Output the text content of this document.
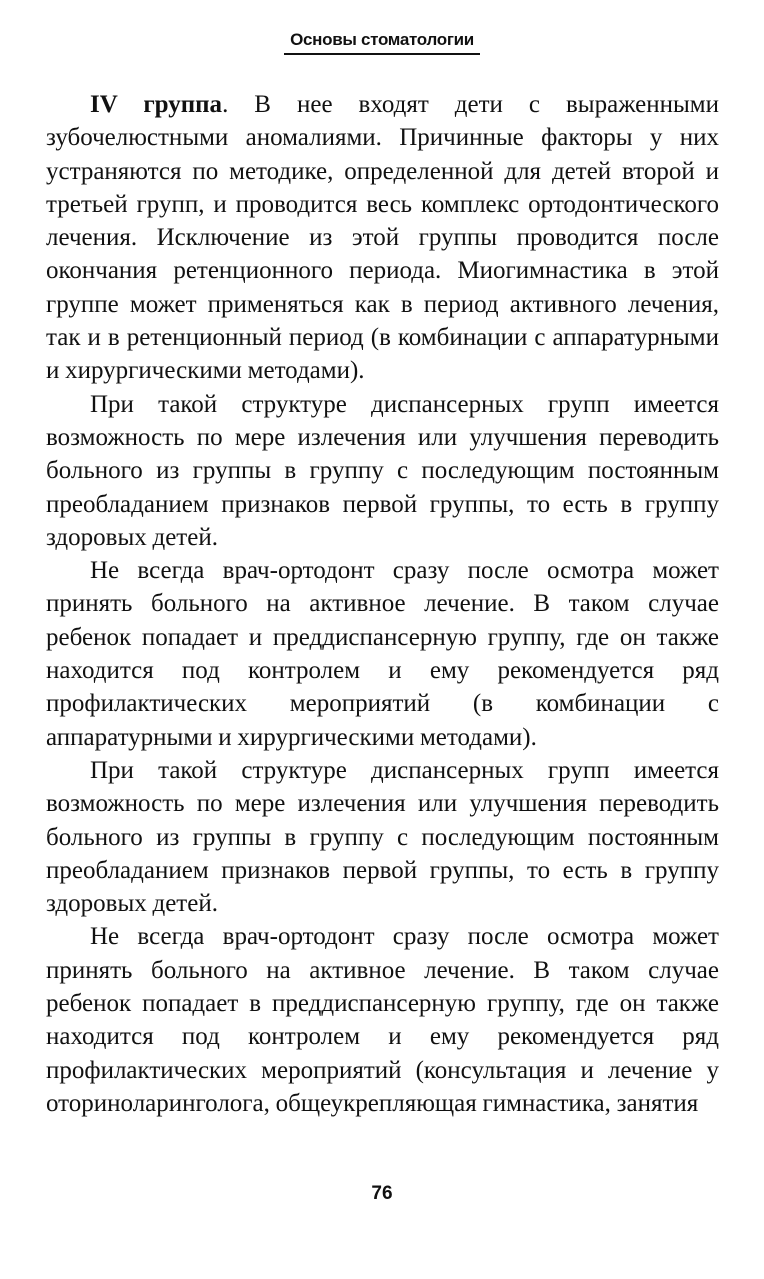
Основы стоматологии

IV группа. В нее входят дети с выраженными зубочелюстными аномалиями. Причинные факторы у них устраняются по методике, определенной для детей второй и третьей групп, и проводится весь комплекс ортодонтического лечения. Исключение из этой группы проводится после окончания ретенционного периода. Миогимнастика в этой группе может применяться как в период активного лечения, так и в ретенционный период (в комбинации с аппаратурными и хирургическими методами).

При такой структуре диспансерных групп имеется возможность по мере излечения или улучшения переводить больного из группы в группу с последующим постоянным преобладанием признаков первой группы, то есть в группу здоровых детей.

Не всегда врач-ортодонт сразу после осмотра может принять больного на активное лечение. В таком случае ребенок попадает и преддиспансерную группу, где он также находится под контролем и ему рекомендуется ряд профилактических мероприятий (в комбинации с аппаратурными и хирургическими методами).

При такой структуре диспансерных групп имеется возможность по мере излечения или улучшения переводить больного из группы в группу с последующим постоянным преобладанием признаков первой группы, то есть в группу здоровых детей.

Не всегда врач-ортодонт сразу после осмотра может принять больного на активное лечение. В таком случае ребенок попадает в преддиспансерную группу, где он также находится под контролем и ему рекомендуется ряд профилактических мероприятий (консультация и лечение у оториноларинголога, общеукрепляющая гимнастика, занятия

76
